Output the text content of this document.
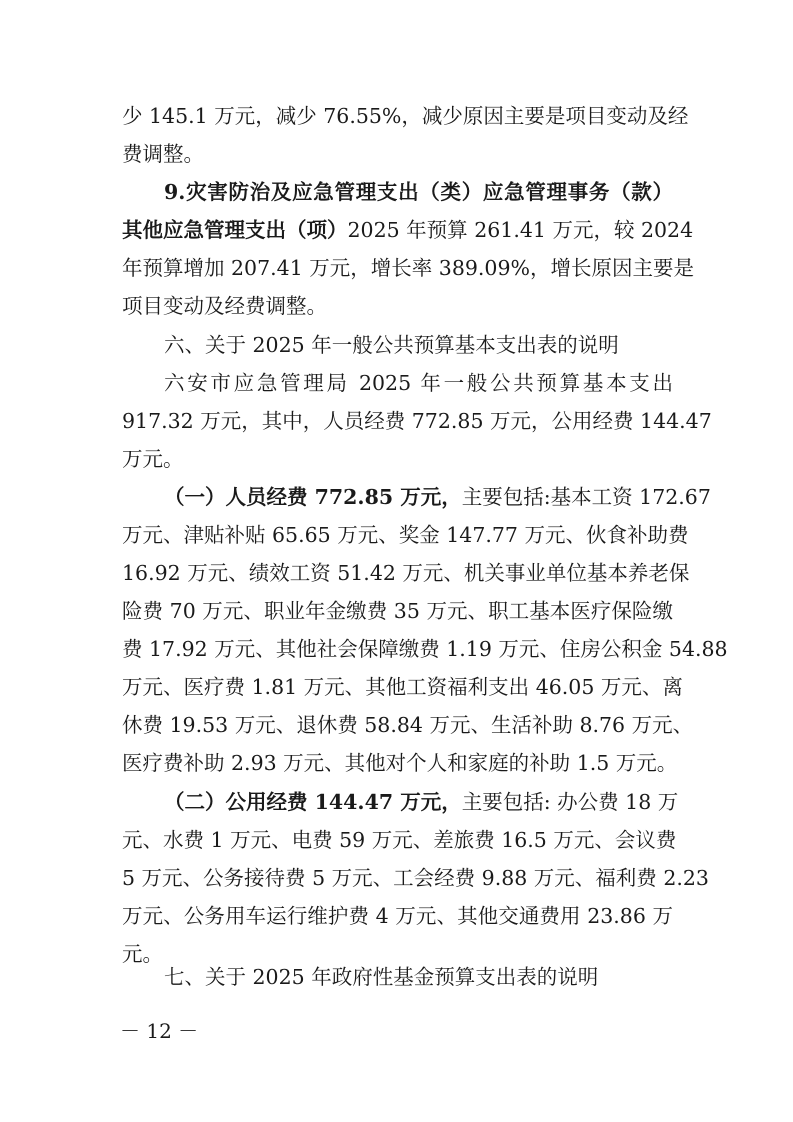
少 145.1 万元，减少 76.55%，减少原因主要是项目变动及经
费调整。
9.灾害防治及应急管理支出（类）应急管理事务（款）
其他应急管理支出（项）2025 年预算 261.41 万元，较 2024
年预算增加 207.41 万元，增长率 389.09%，增长原因主要是
项目变动及经费调整。
六、关于 2025 年一般公共预算基本支出表的说明
六安市应急管理局 2025 年一般公共预算基本支出
917.32 万元，其中，人员经费 772.85 万元，公用经费 144.47
万元。
（一）人员经费 772.85 万元，主要包括:基本工资 172.67
万元、津贴补贴 65.65 万元、奖金 147.77 万元、伙食补助费
16.92 万元、绩效工资 51.42 万元、机关事业单位基本养老保
险费 70 万元、职业年金缴费 35 万元、职工基本医疗保险缴
费 17.92 万元、其他社会保障缴费 1.19 万元、住房公积金 54.88
万元、医疗费 1.81 万元、其他工资福利支出 46.05 万元、离
休费 19.53 万元、退休费 58.84 万元、生活补助 8.76 万元、
医疗费补助 2.93 万元、其他对个人和家庭的补助 1.5 万元。
（二）公用经费 144.47 万元，主要包括: 办公费 18 万
元、水费 1 万元、电费 59 万元、差旅费 16.5 万元、会议费
5 万元、公务接待费 5 万元、工会经费 9.88 万元、福利费 2.23
万元、公务用车运行维护费 4 万元、其他交通费用 23.86 万
元。
七、关于 2025 年政府性基金预算支出表的说明
－ 12 －
